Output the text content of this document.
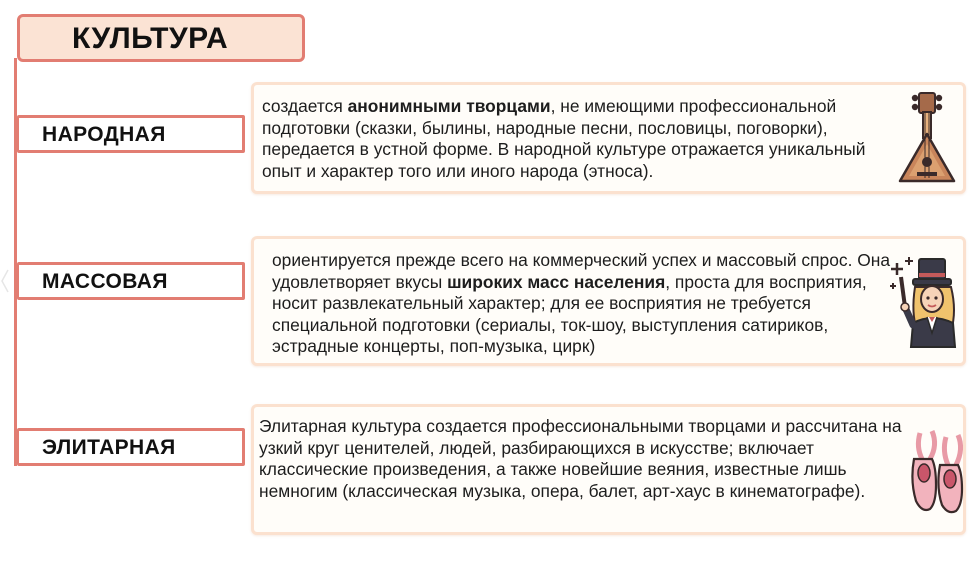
КУЛЬТУРА
НАРОДНАЯ
создается анонимными творцами, не имеющими профессиональной подготовки (сказки, былины, народные песни, пословицы, поговорки), передается в устной форме. В народной культуре отражается уникальный опыт и характер того или иного народа (этноса).
МАССОВАЯ
ориентируется прежде всего на коммерческий успех и массовый спрос. Она удовлетворяет вкусы широких масс населения, проста для восприятия, носит развлекательный характер; для ее восприятия не требуется специальной подготовки (сериалы, ток-шоу, выступления сатириков, эстрадные концерты, поп-музыка, цирк)
ЭЛИТАРНАЯ
Элитарная культура создается профессиональными творцами и рассчитана на узкий круг ценителей, людей, разбирающихся в искусстве; включает классические произведения, а также новейшие веяния, известные лишь немногим (классическая музыка, опера, балет, арт-хаус в кинематографе).
